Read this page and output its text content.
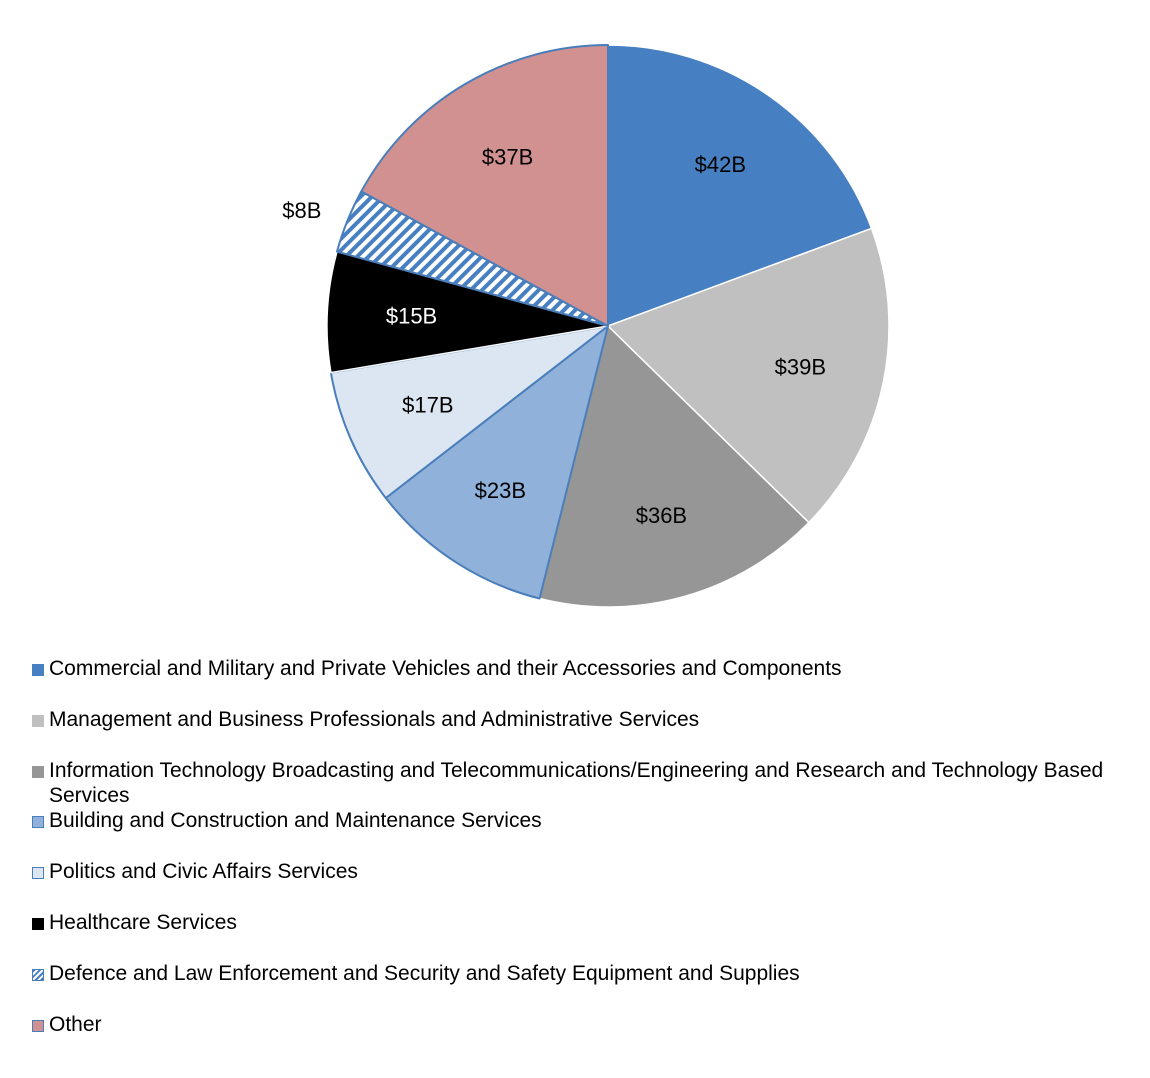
$42B
$39B
$36B
$23B
$17B
$15B
$8B
$37B
Commercial and Military and Private Vehicles and their Accessories and Components
Management and Business Professionals and Administrative Services
Information Technology Broadcasting and Telecommunications/Engineering and Research and Technology Based Services
Building and Construction and Maintenance Services
Politics and Civic Affairs Services
Healthcare Services
Defence and Law Enforcement and Security and Safety Equipment and Supplies
Other
